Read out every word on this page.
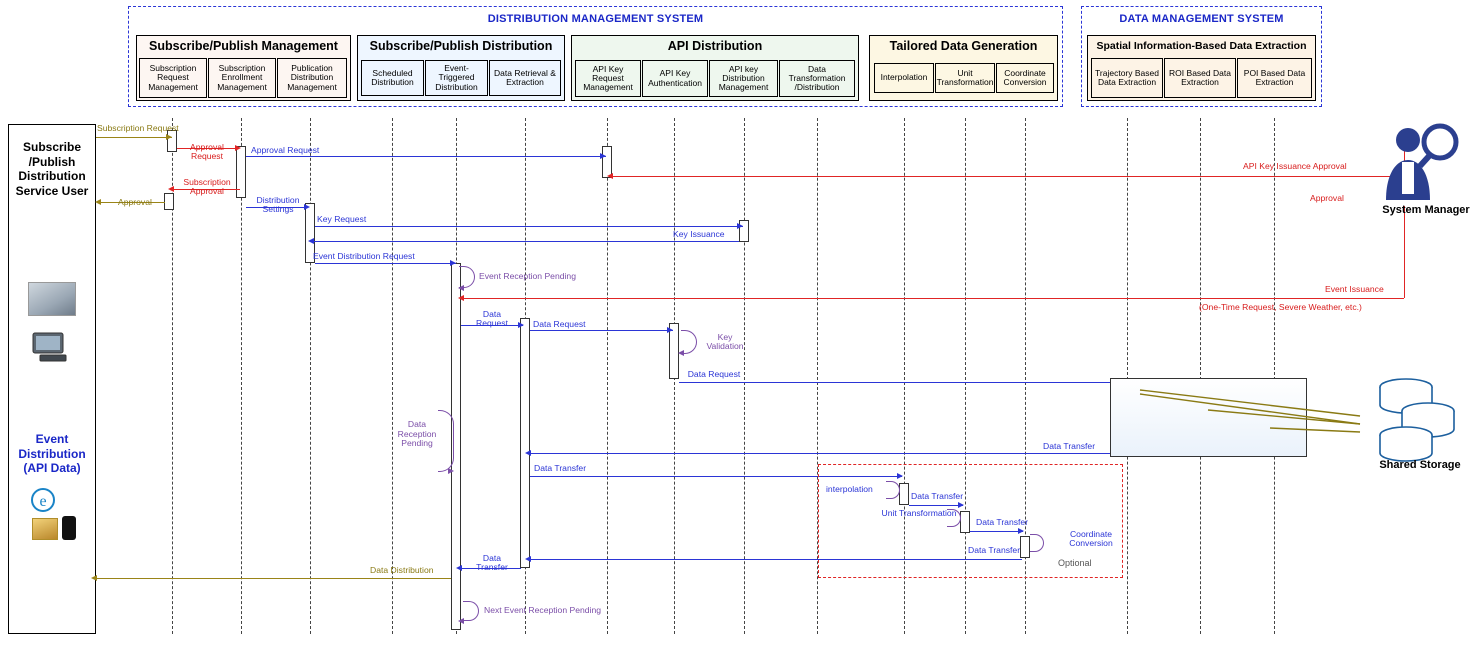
DISTRIBUTION MANAGEMENT SYSTEM
Subscribe/Publish Management
Subscription Request Management
Subscription Enrollment Management
Publication Distribution Management
Subscribe/Publish Distribution
Scheduled Distribution
Event-Triggered Distribution
Data Retrieval & Extraction
API Distribution
API Key Request Management
API Key Authentication
API key Distribution Management
Data Transformation /Distribution
Tailored Data Generation
Interpolation	Unit Transformation
Coordinate Conversion
DATA MANAGEMENT SYSTEM
Spatial Information-Based Data Extraction
Trajectory Based Data Extraction
ROI Based Data Extraction
POI Based Data Extraction
Subscribe /Publish Distribution Service User
Event Distribution (API Data)
e
Subscription Request
Approval Request
Approval Request
API Key Issuance Approval
Approval
Subscription Approval
Approval	Distribution Settings
Key Request
Key Issuance
Event Distribution Request
Event Reception Pending
Event Issuance
(One-Time Request, Severe Weather, etc.)
Data Request	Data Request
Key Validation
Data Request
Shared Storage
Data Reception Pending	Data Transfer
Data Transfer
Optional
interpolation
Data Transfer
Unit Transformation
Data Transfer
Coordinate Conversion
Data Transfer
Data Transfer
Data Distribution
Next Event Reception Pending
System Manager
